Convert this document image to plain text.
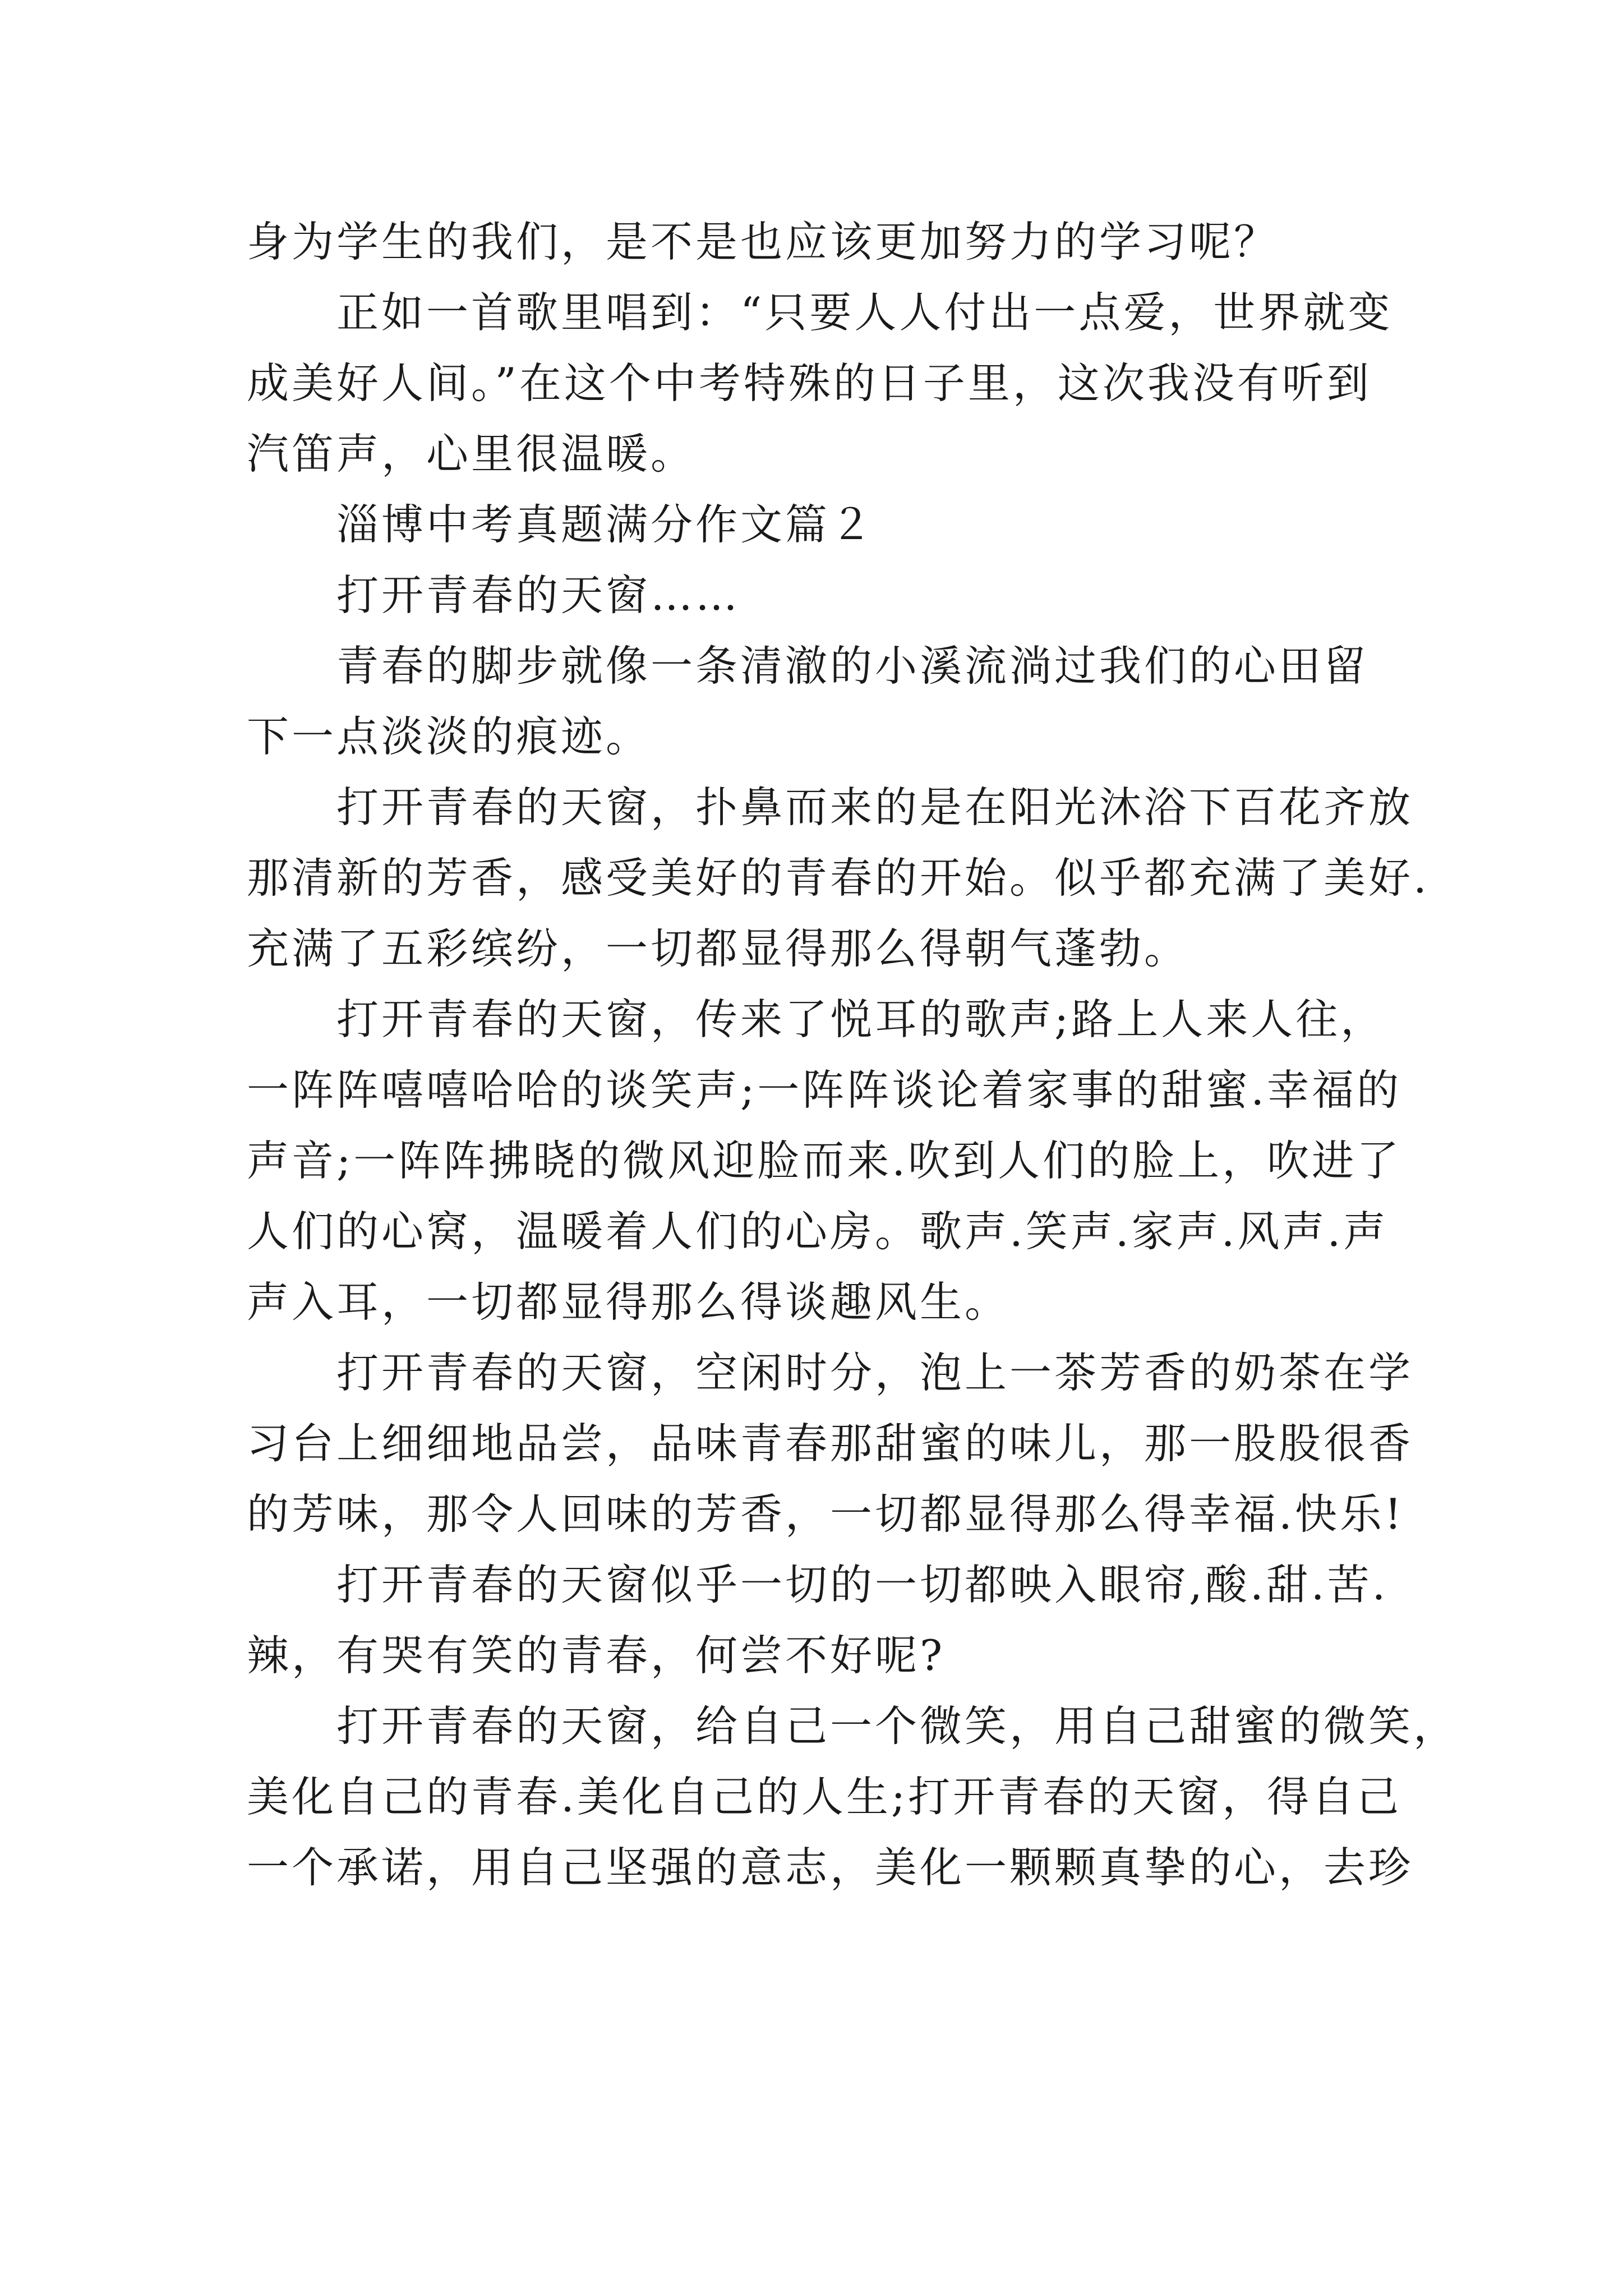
身为学生的我们，是不是也应该更加努力的学习呢？
正如一首歌里唱到：“只要人人付出一点爱，世界就变
成美好人间。”在这个中考特殊的日子里，这次我没有听到
汽笛声，心里很温暖。
淄博中考真题满分作文篇２
打开青春的天窗……
青春的脚步就像一条清澈的小溪流淌过我们的心田留
下一点淡淡的痕迹。
打开青春的天窗，扑鼻而来的是在阳光沐浴下百花齐放
那清新的芳香，感受美好的青春的开始。似乎都充满了美好.
充满了五彩缤纷，一切都显得那么得朝气蓬勃。
打开青春的天窗，传来了悦耳的歌声;路上人来人往，
一阵阵嘻嘻哈哈的谈笑声;一阵阵谈论着家事的甜蜜.幸福的
声音;一阵阵拂晓的微风迎脸而来.吹到人们的脸上，吹进了
人们的心窝，温暖着人们的心房。歌声.笑声.家声.风声.声
声入耳，一切都显得那么得谈趣风生。
打开青春的天窗，空闲时分，泡上一茶芳香的奶茶在学
习台上细细地品尝，品味青春那甜蜜的味儿，那一股股很香
的芳味，那令人回味的芳香，一切都显得那么得幸福.快乐!
打开青春的天窗似乎一切的一切都映入眼帘,酸.甜.苦.
辣，有哭有笑的青春，何尝不好呢?
打开青春的天窗，给自己一个微笑，用自己甜蜜的微笑，
美化自己的青春.美化自己的人生;打开青春的天窗，得自己
一个承诺，用自己坚强的意志，美化一颗颗真挚的心，去珍
